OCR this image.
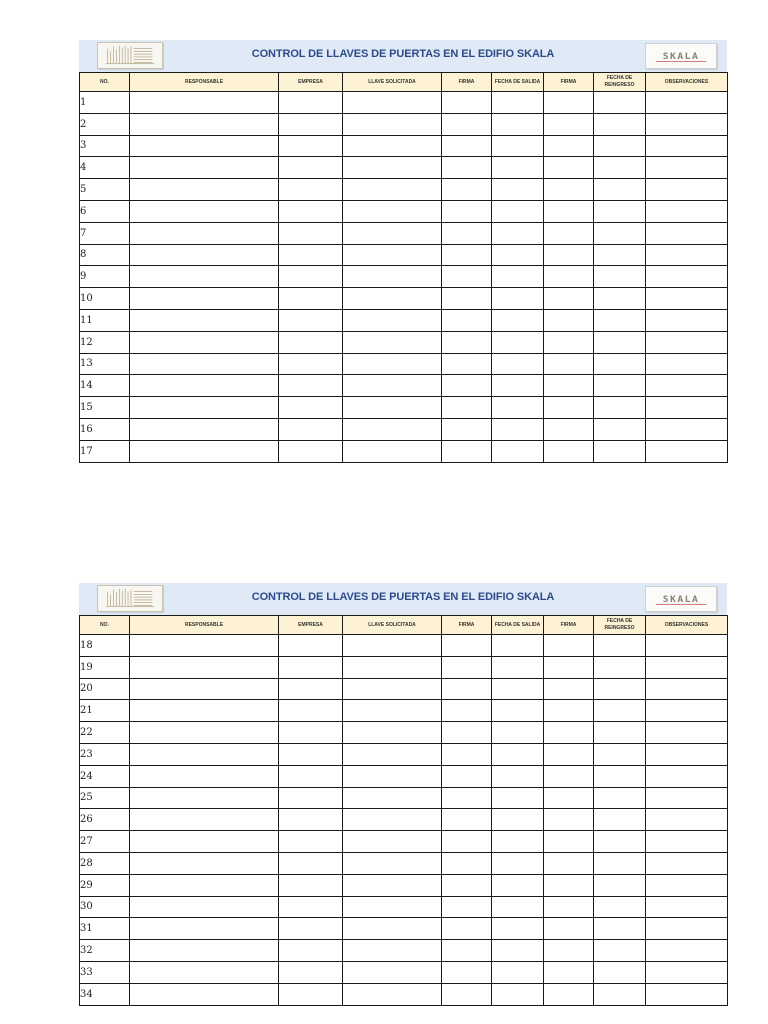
CONTROL DE LLAVES DE PUERTAS EN EL EDIFIO SKALA	SKALA
NO.	RESPONSABLE	EMPRESA	LLAVE SOLICITADA	FIRMA	FECHA DE SALIDA	FIRMA	FECHA DE REINGRESO	OBSERVACIONES
1								
2								
3								
4								
5								
6								
7								
8								
9								
10								
11								
12								
13								
14								
15								
16								
17								
CONTROL DE LLAVES DE PUERTAS EN EL EDIFIO SKALA	SKALA
NO.	RESPONSABLE	EMPRESA	LLAVE SOLICITADA	FIRMA	FECHA DE SALIDA	FIRMA	FECHA DE REINGRESO	OBSERVACIONES
18								
19								
20								
21								
22								
23								
24								
25								
26								
27								
28								
29								
30								
31								
32								
33								
34								
